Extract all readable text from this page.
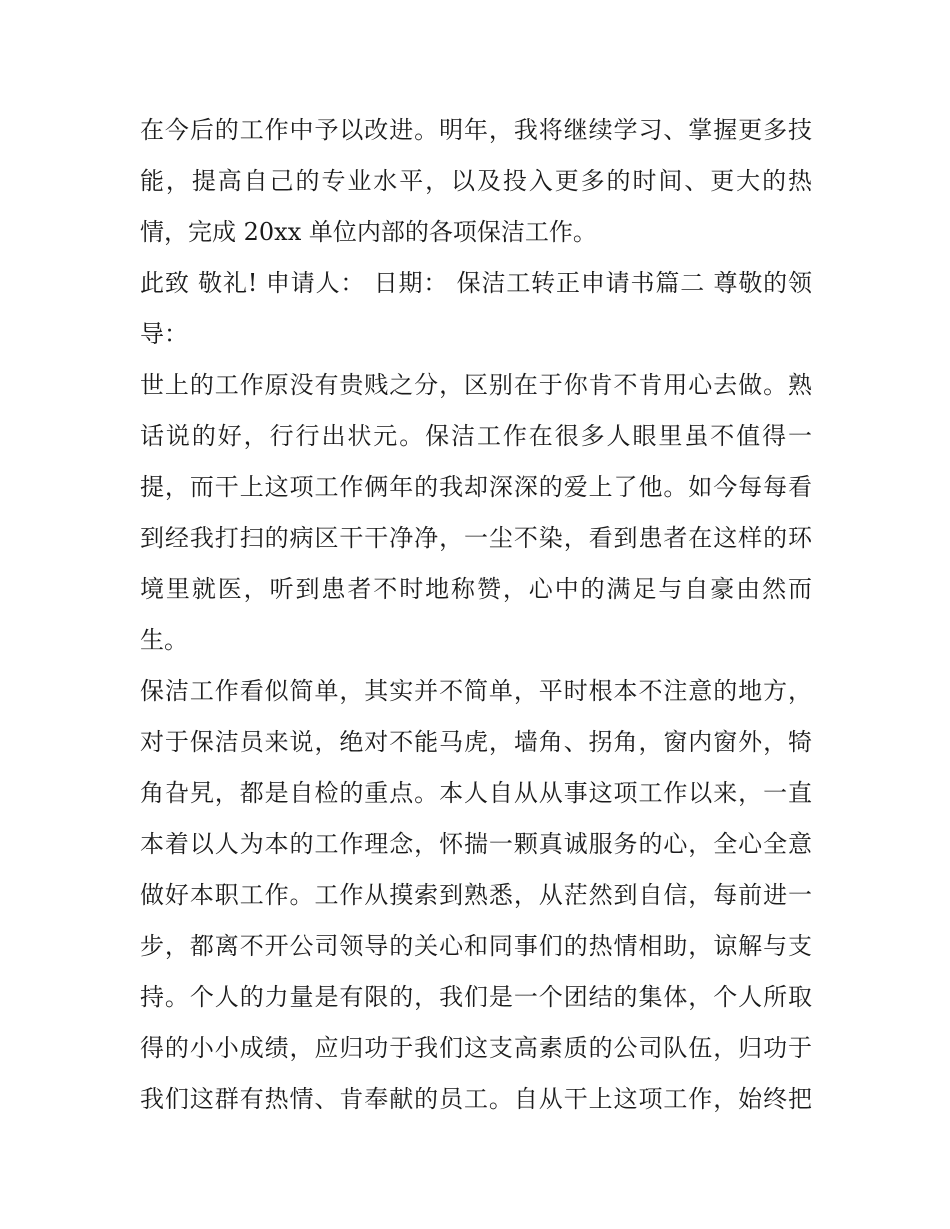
在今后的工作中予以改进。明年，我将继续学习、掌握更多技
能，提高自己的专业水平，以及投入更多的时间、更大的热
情，完成 20xx 单位内部的各项保洁工作。
此致 敬礼! 申请人： 日期： 保洁工转正申请书篇二 尊敬的领
导：
世上的工作原没有贵贱之分，区别在于你肯不肯用心去做。熟
话说的好，行行出状元。保洁工作在很多人眼里虽不值得一
提，而干上这项工作俩年的我却深深的爱上了他。如今每每看
到经我打扫的病区干干净净，一尘不染，看到患者在这样的环
境里就医，听到患者不时地称赞，心中的满足与自豪由然而
生。
保洁工作看似简单，其实并不简单，平时根本不注意的地方，
对于保洁员来说，绝对不能马虎，墙角、拐角，窗内窗外，犄
角旮旯，都是自检的重点。本人自从从事这项工作以来，一直
本着以人为本的工作理念，怀揣一颗真诚服务的心，全心全意
做好本职工作。工作从摸索到熟悉，从茫然到自信，每前进一
步，都离不开公司领导的关心和同事们的热情相助，谅解与支
持。个人的力量是有限的，我们是一个团结的集体，个人所取
得的小小成绩，应归功于我们这支高素质的公司队伍，归功于
我们这群有热情、肯奉献的员工。自从干上这项工作，始终把
